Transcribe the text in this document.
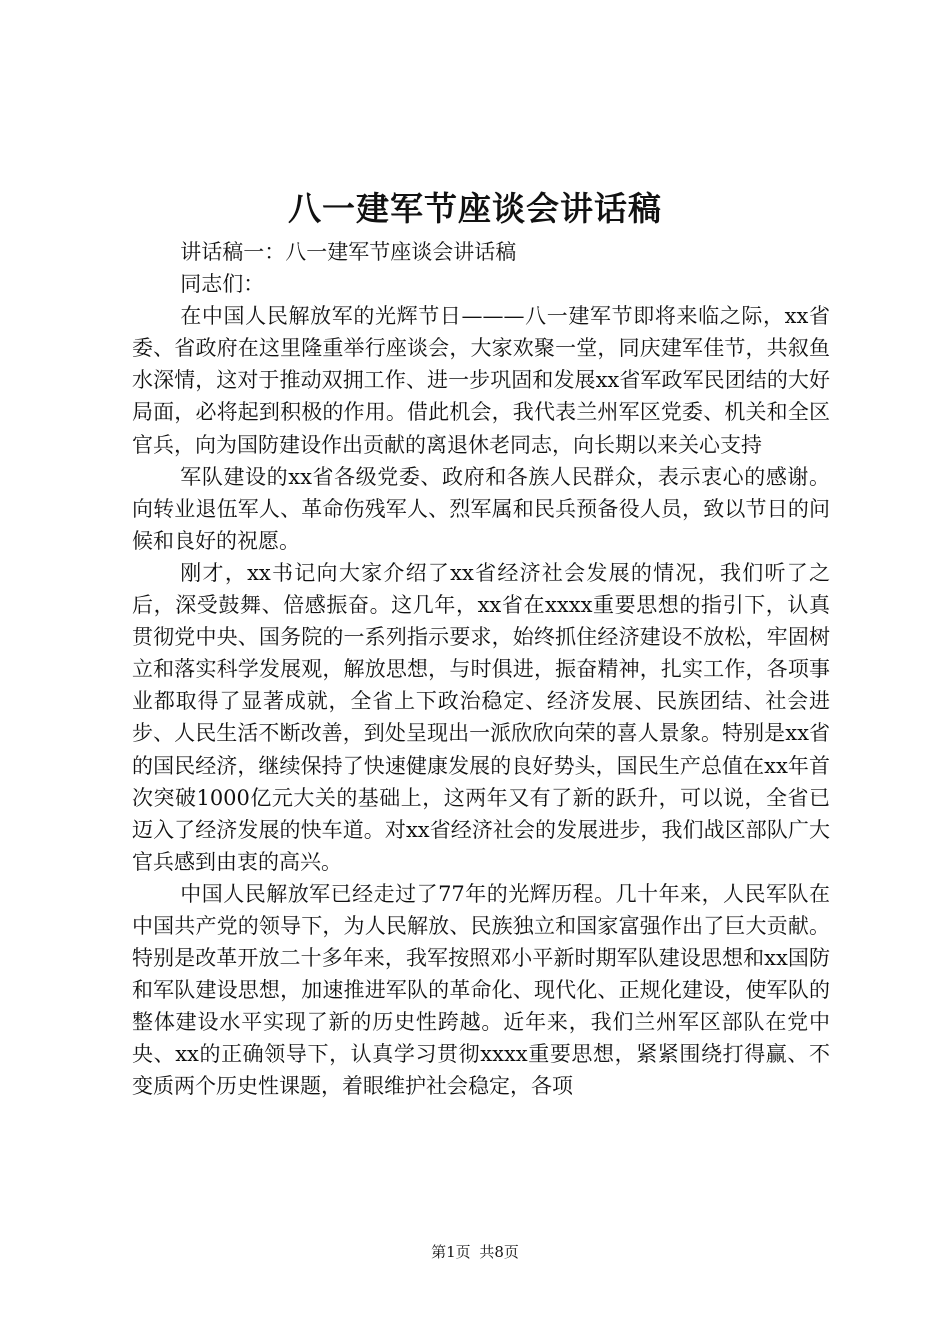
八一建军节座谈会讲话稿

讲话稿一：八一建军节座谈会讲话稿

同志们：

在中国人民解放军的光辉节日———八一建军节即将来临之际，xx省委、省政府在这里隆重举行座谈会，大家欢聚一堂，同庆建军佳节，共叙鱼水深情，这对于推动双拥工作、进一步巩固和发展xx省军政军民团结的大好局面，必将起到积极的作用。借此机会，我代表兰州军区党委、机关和全区官兵，向为国防建设作出贡献的离退休老同志，向长期以来关心支持

军队建设的xx省各级党委、政府和各族人民群众，表示衷心的感谢。向转业退伍军人、革命伤残军人、烈军属和民兵预备役人员，致以节日的问候和良好的祝愿。

刚才，xx书记向大家介绍了xx省经济社会发展的情况，我们听了之后，深受鼓舞、倍感振奋。这几年，xx省在xxxx重要思想的指引下，认真贯彻党中央、国务院的一系列指示要求，始终抓住经济建设不放松，牢固树立和落实科学发展观，解放思想，与时俱进，振奋精神，扎实工作，各项事业都取得了显著成就，全省上下政治稳定、经济发展、民族团结、社会进步、人民生活不断改善，到处呈现出一派欣欣向荣的喜人景象。特别是xx省的国民经济，继续保持了快速健康发展的良好势头，国民生产总值在xx年首次突破1000亿元大关的基础上，这两年又有了新的跃升，可以说，全省已迈入了经济发展的快车道。对xx省经济社会的发展进步，我们战区部队广大官兵感到由衷的高兴。

中国人民解放军已经走过了77年的光辉历程。几十年来，人民军队在中国共产党的领导下，为人民解放、民族独立和国家富强作出了巨大贡献。特别是改革开放二十多年来，我军按照邓小平新时期军队建设思想和xx国防和军队建设思想，加速推进军队的革命化、现代化、正规化建设，使军队的整体建设水平实现了新的历史性跨越。近年来，我们兰州军区部队在党中央、xx的正确领导下，认真学习贯彻xxxx重要思想，紧紧围绕打得赢、不变质两个历史性课题，着眼维护社会稳定，各项

第1页 共8页
